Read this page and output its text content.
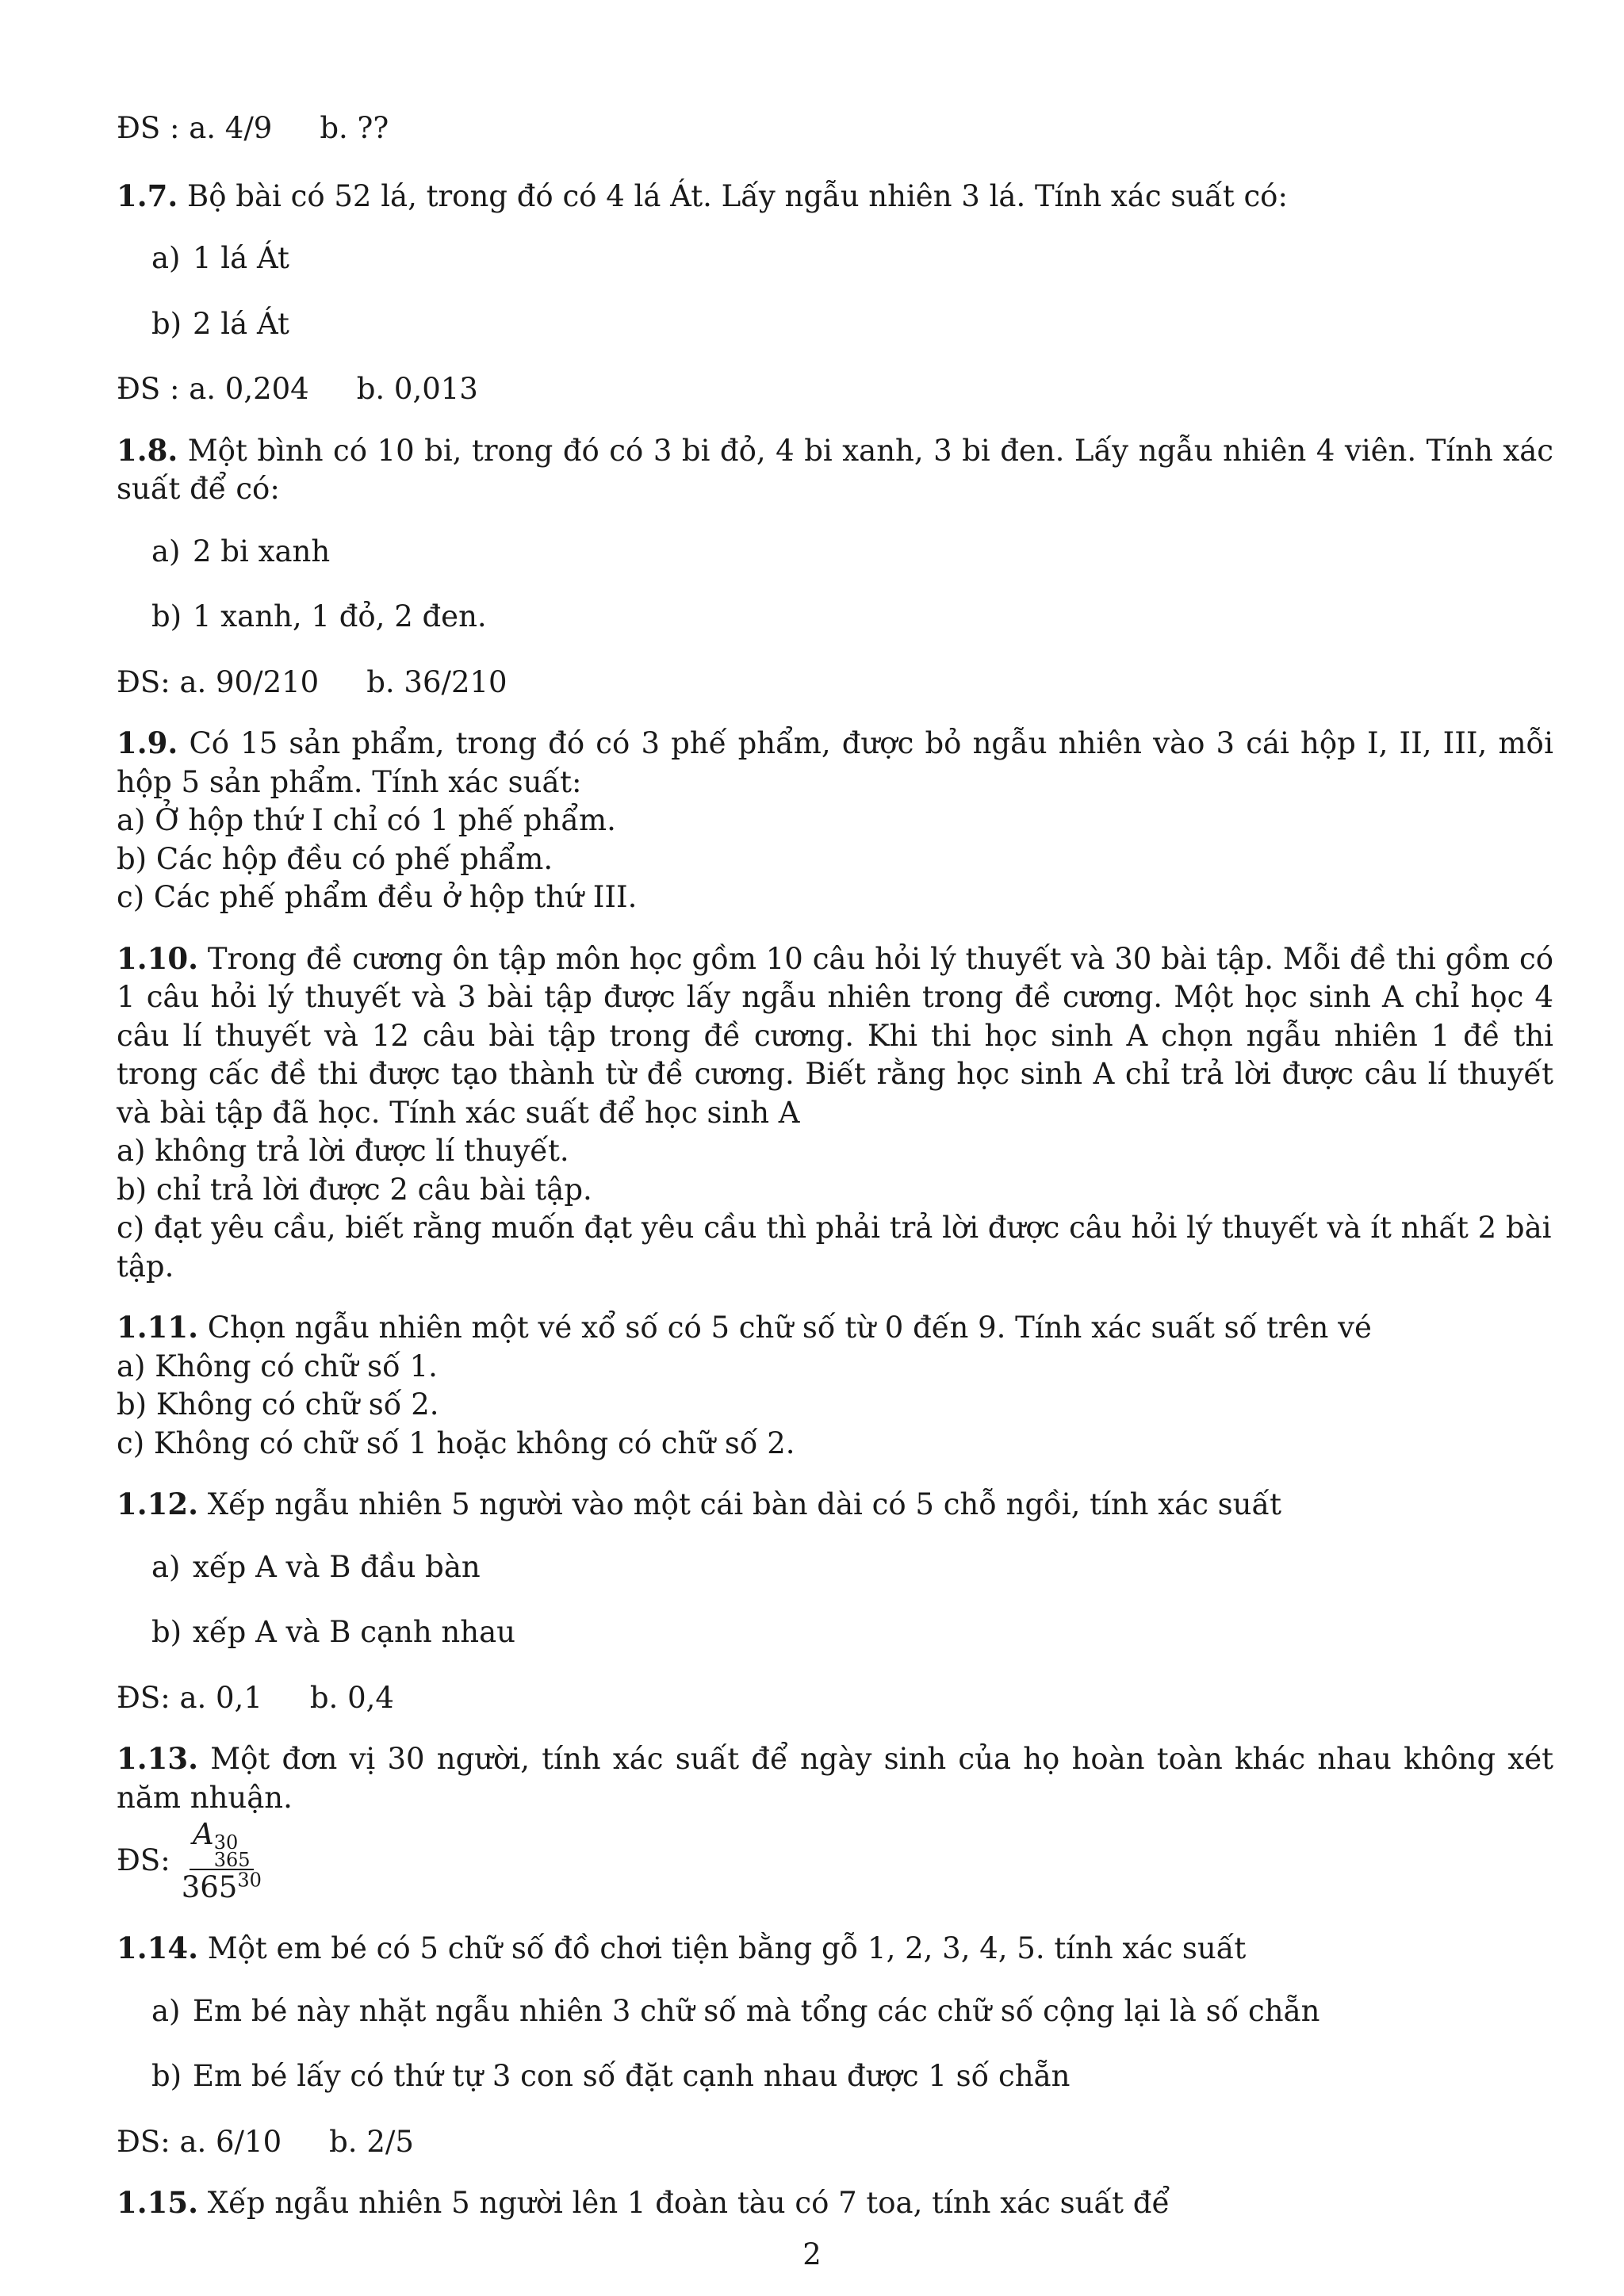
ĐS : a. 4/9 b. ??

1.7. Bộ bài có 52 lá, trong đó có 4 lá Át. Lấy ngẫu nhiên 3 lá. Tính xác suất có:

a) 1 lá Át

b) 2 lá Át

ĐS : a. 0,204 b. 0,013

1.8. Một bình có 10 bi, trong đó có 3 bi đỏ, 4 bi xanh, 3 bi đen. Lấy ngẫu nhiên 4 viên. Tính xác suất để có:

a) 2 bi xanh

b) 1 xanh, 1 đỏ, 2 đen.

ĐS: a. 90/210 b. 36/210

1.9. Có 15 sản phẩm, trong đó có 3 phế phẩm, được bỏ ngẫu nhiên vào 3 cái hộp I, II, III, mỗi hộp 5 sản phẩm. Tính xác suất:

a) Ở hộp thứ I chỉ có 1 phế phẩm.

b) Các hộp đều có phế phẩm.

c) Các phế phẩm đều ở hộp thứ III.

1.10. Trong đề cương ôn tập môn học gồm 10 câu hỏi lý thuyết và 30 bài tập. Mỗi đề thi gồm có 1 câu hỏi lý thuyết và 3 bài tập được lấy ngẫu nhiên trong đề cương. Một học sinh A chỉ học 4 câu lí thuyết và 12 câu bài tập trong đề cương. Khi thi học sinh A chọn ngẫu nhiên 1 đề thi trong cấc đề thi được tạo thành từ đề cương. Biết rằng học sinh A chỉ trả lời được câu lí thuyết và bài tập đã học. Tính xác suất để học sinh A

a) không trả lời được lí thuyết.

b) chỉ trả lời được 2 câu bài tập.

c) đạt yêu cầu, biết rằng muốn đạt yêu cầu thì phải trả lời được câu hỏi lý thuyết và ít nhất 2 bài tập.

1.11. Chọn ngẫu nhiên một vé xổ số có 5 chữ số từ 0 đến 9. Tính xác suất số trên vé

a) Không có chữ số 1.

b) Không có chữ số 2.

c) Không có chữ số 1 hoặc không có chữ số 2.

1.12. Xếp ngẫu nhiên 5 người vào một cái bàn dài có 5 chỗ ngồi, tính xác suất

a) xếp A và B đầu bàn

b) xếp A và B cạnh nhau

ĐS: a. 0,1 b. 0,4

1.13. Một đơn vị 30 người, tính xác suất để ngày sinh của họ hoàn toàn khác nhau không xét năm nhuận.

ĐS: A 30
365
$365^{30}$

1.14. Một em bé có 5 chữ số đồ chơi tiện bằng gỗ 1, 2, 3, 4, 5. tính xác suất

a) Em bé này nhặt ngẫu nhiên 3 chữ số mà tổng các chữ số cộng lại là số chẵn

b) Em bé lấy có thứ tự 3 con số đặt cạnh nhau được 1 số chẵn

ĐS: a. 6/10 b. 2/5

1.15. Xếp ngẫu nhiên 5 người lên 1 đoàn tàu có 7 toa, tính xác suất để

2
